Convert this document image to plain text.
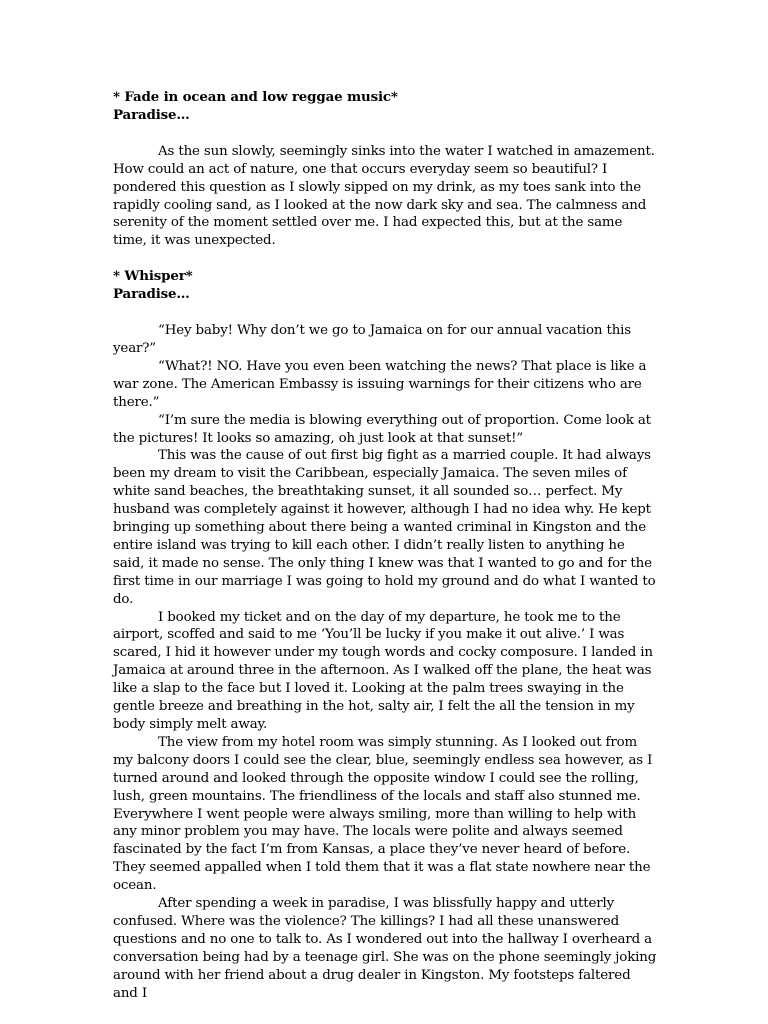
* Fade in ocean and low reggae music*

Paradise…

As the sun slowly, seemingly sinks into the water I watched in amazement. How could an act of nature, one that occurs everyday seem so beautiful? I pondered this question as I slowly sipped on my drink, as my toes sank into the rapidly cooling sand, as I looked at the now dark sky and sea. The calmness and serenity of the moment settled over me. I had expected this, but at the same time, it was unexpected.

* Whisper*

Paradise…

“Hey baby! Why don’t we go to Jamaica on for our annual vacation this year?”

“What?! NO. Have you even been watching the news? That place is like a war zone. The American Embassy is issuing warnings for their citizens who are there.”

“I’m sure the media is blowing everything out of proportion. Come look at the pictures! It looks so amazing, oh just look at that sunset!”

This was the cause of out first big fight as a married couple. It had always been my dream to visit the Caribbean, especially Jamaica. The seven miles of white sand beaches, the breathtaking sunset, it all sounded so… perfect. My husband was completely against it however, although I had no idea why. He kept bringing up something about there being a wanted criminal in Kingston and the entire island was trying to kill each other. I didn’t really listen to anything he said, it made no sense. The only thing I knew was that I wanted to go and for the first time in our marriage I was going to hold my ground and do what I wanted to do.

I booked my ticket and on the day of my departure, he took me to the airport, scoffed and said to me ‘You’ll be lucky if you make it out alive.’ I was scared, I hid it however under my tough words and cocky composure. I landed in Jamaica at around three in the afternoon. As I walked off the plane, the heat was like a slap to the face but I loved it. Looking at the palm trees swaying in the gentle breeze and breathing in the hot, salty air, I felt the all the tension in my body simply melt away.

The view from my hotel room was simply stunning. As I looked out from my balcony doors I could see the clear, blue, seemingly endless sea however, as I turned around and looked through the opposite window I could see the rolling, lush, green mountains. The friendliness of the locals and staff also stunned me. Everywhere I went people were always smiling, more than willing to help with any minor problem you may have. The locals were polite and always seemed fascinated by the fact I’m from Kansas, a place they’ve never heard of before. They seemed appalled when I told them that it was a flat state nowhere near the ocean.

After spending a week in paradise, I was blissfully happy and utterly confused. Where was the violence? The killings? I had all these unanswered questions and no one to talk to. As I wondered out into the hallway I overheard a conversation being had by a teenage girl. She was on the phone seemingly joking around with her friend about a drug dealer in Kingston. My footsteps faltered and I
